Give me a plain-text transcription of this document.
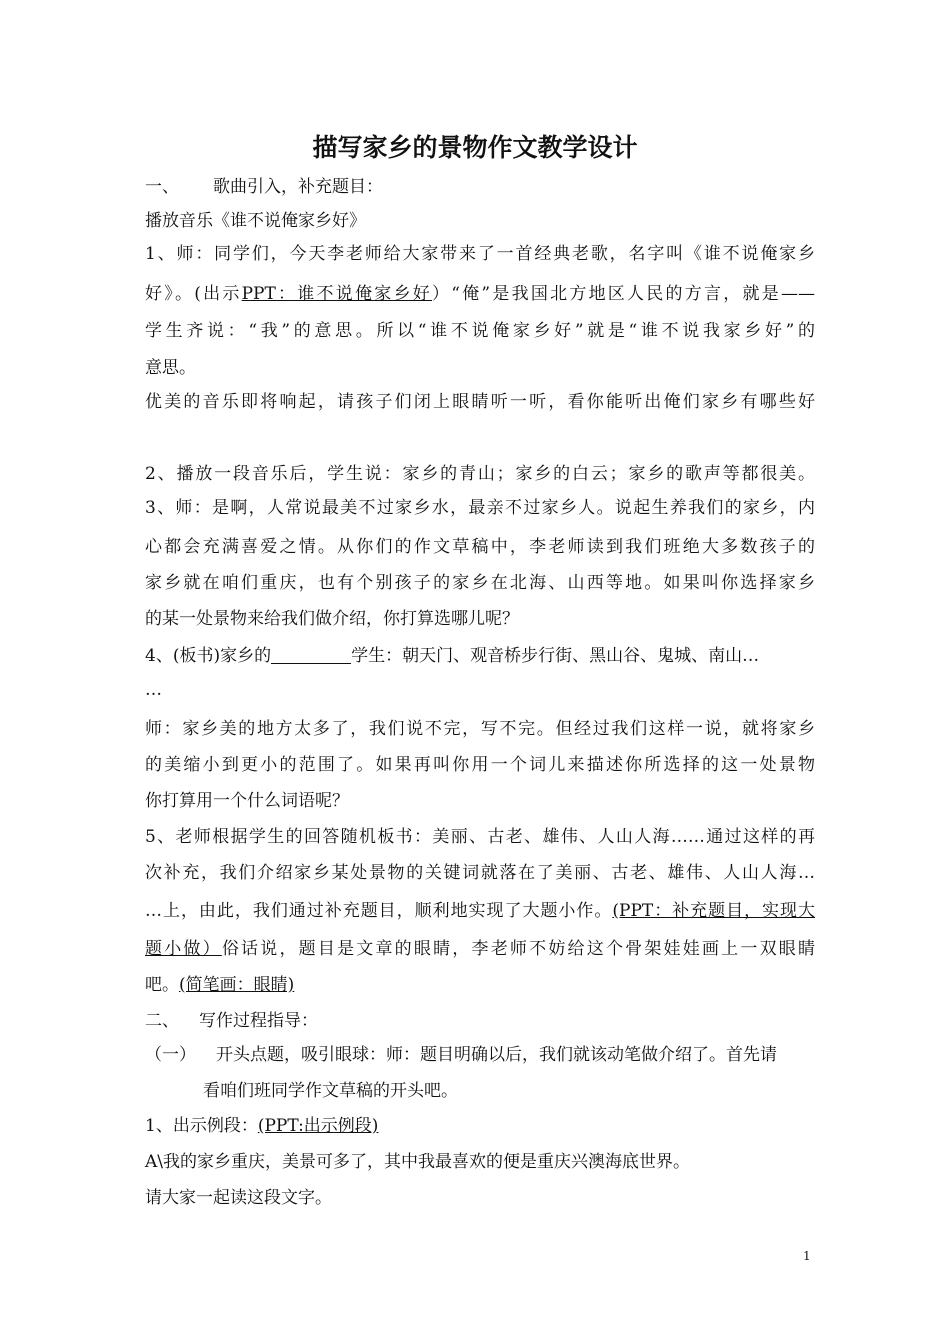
描写家乡的景物作文教学设计
一、 歌曲引入，补充题目：
播放音乐《谁不说俺家乡好》
1、师：同学们，今天李老师给大家带来了一首经典老歌，名字叫《谁不说俺家乡
好》。(出示PPT：谁不说俺家乡好）“俺”是我国北方地区人民的方言，就是——
学生齐说：“我”的意思。所以“谁不说俺家乡好”就是“谁不说我家乡好”的
意思。
优美的音乐即将响起，请孩子们闭上眼睛听一听，看你能听出俺们家乡有哪些好
2、播放一段音乐后，学生说：家乡的青山；家乡的白云；家乡的歌声等都很美。
3、师：是啊，人常说最美不过家乡水，最亲不过家乡人。说起生养我们的家乡，内
心都会充满喜爱之情。从你们的作文草稿中，李老师读到我们班绝大多数孩子的
家乡就在咱们重庆，也有个别孩子的家乡在北海、山西等地。如果叫你选择家乡
的某一处景物来给我们做介绍，你打算选哪儿呢？
4、(板书)家乡的	学生：朝天门、观音桥步行街、黑山谷、鬼城、南山…
…
师：家乡美的地方太多了，我们说不完，写不完。但经过我们这样一说，就将家乡
的美缩小到更小的范围了。如果再叫你用一个词儿来描述你所选择的这一处景物
你打算用一个什么词语呢？
5、老师根据学生的回答随机板书：美丽、古老、雄伟、人山人海……通过这样的再
次补充，我们介绍家乡某处景物的关键词就落在了美丽、古老、雄伟、人山人海…
…上，由此，我们通过补充题目，顺利地实现了大题小作。(PPT：补充题目，实现大
题小做）俗话说，题目是文章的眼睛，李老师不妨给这个骨架娃娃画上一双眼睛
吧。(简笔画：眼睛)
二、 写作过程指导：
（一） 开头点题，吸引眼球：师：题目明确以后，我们就该动笔做介绍了。首先请
看咱们班同学作文草稿的开头吧。
1、出示例段：(PPT:出示例段)
A\我的家乡重庆，美景可多了，其中我最喜欢的便是重庆兴澳海底世界。
请大家一起读这段文字。
1
